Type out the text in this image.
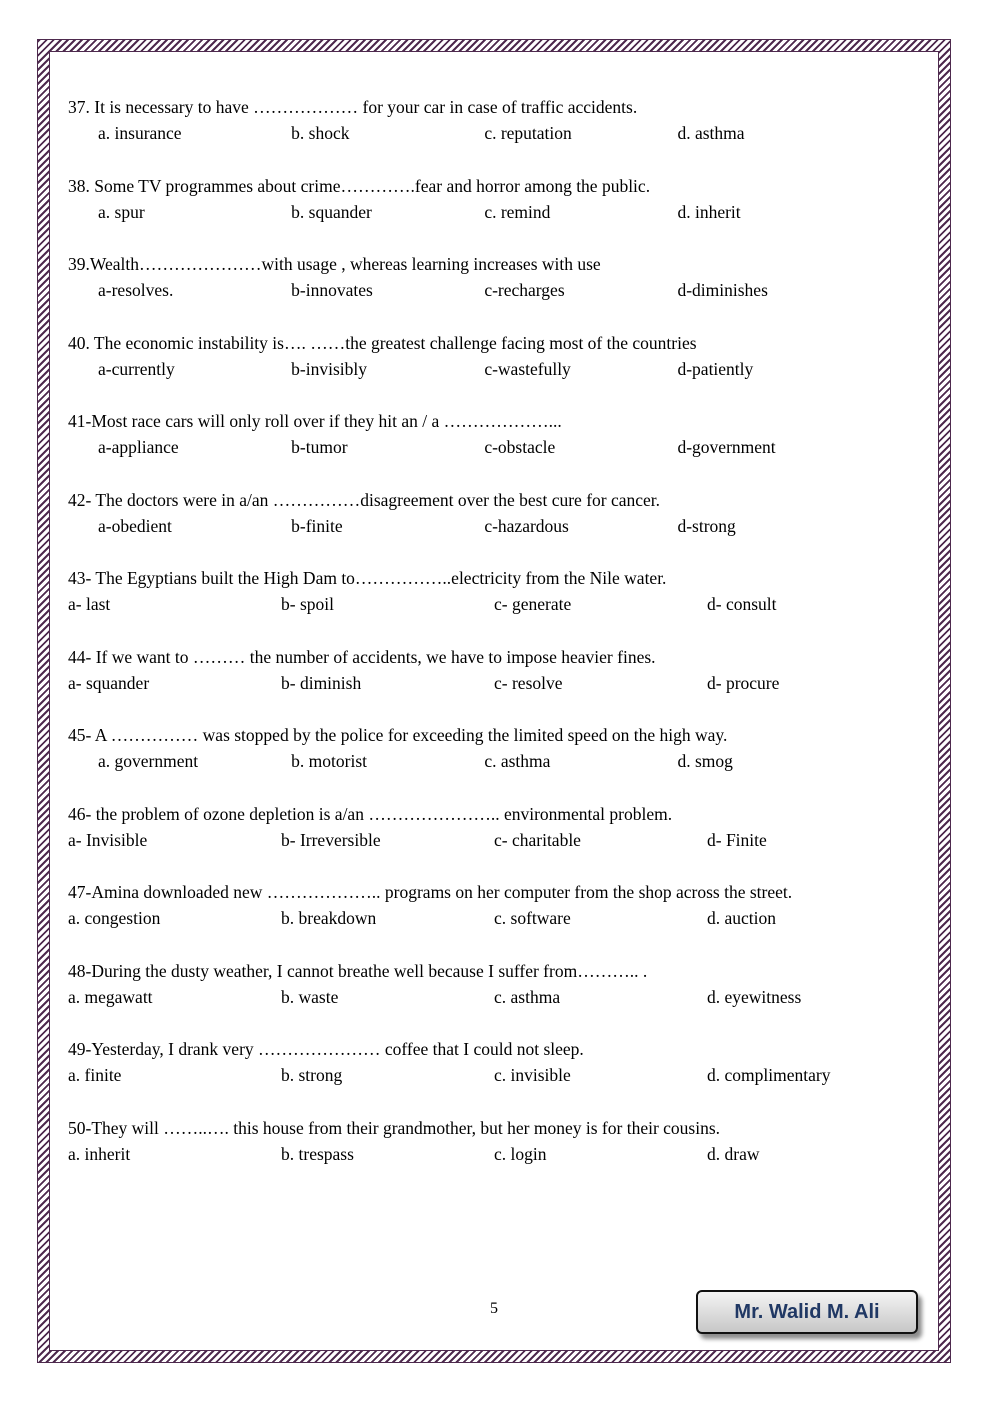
37. It is necessary to have ……………… for your car in case of traffic accidents.

a. insurance	b. shock	c. reputation	d. asthma

38. Some TV programmes about crime………….fear and horror among the public.

a. spur	b. squander	c. remind	d. inherit

39.Wealth…………………with usage , whereas learning increases with use

a-resolves.	b-innovates	c-recharges	d-diminishes

40. The economic instability is…. ……the greatest challenge facing most of the countries

a-currently	b-invisibly	c-wastefully	d-patiently

41-Most race cars will only roll over if they hit an / a ………………...

a-appliance	b-tumor	c-obstacle	d-government

42- The doctors were in a/an ……………disagreement over the best cure for cancer.

a-obedient	b-finite	c-hazardous	d-strong

43- The Egyptians built the High Dam to……………..electricity from the Nile water.

a- last	b- spoil	c- generate	d- consult

44- If we want to ……… the number of accidents, we have to impose heavier fines.

a- squander	b- diminish	c- resolve	d- procure

45- A …………… was stopped by the police for exceeding the limited speed on the high way.

a. government	b. motorist	c. asthma	d. smog

46- the problem of ozone depletion is a/an ………………….. environmental problem.

a- Invisible	b- Irreversible	c- charitable	d- Finite

47-Amina downloaded new ……………….. programs on her computer from the shop across the street.

a. congestion	b. breakdown	c. software	d. auction

48-During the dusty weather, I cannot breathe well because I suffer from……….. .

a. megawatt	b. waste	c. asthma	d. eyewitness

49-Yesterday, I drank very ………………… coffee that I could not sleep.

a. finite	b. strong	c. invisible	d. complimentary

50-They will ……..…. this house from their grandmother, but her money is for their cousins.

a. inherit	b. trespass	c. login	d. draw
5	Mr. Walid M. Ali
